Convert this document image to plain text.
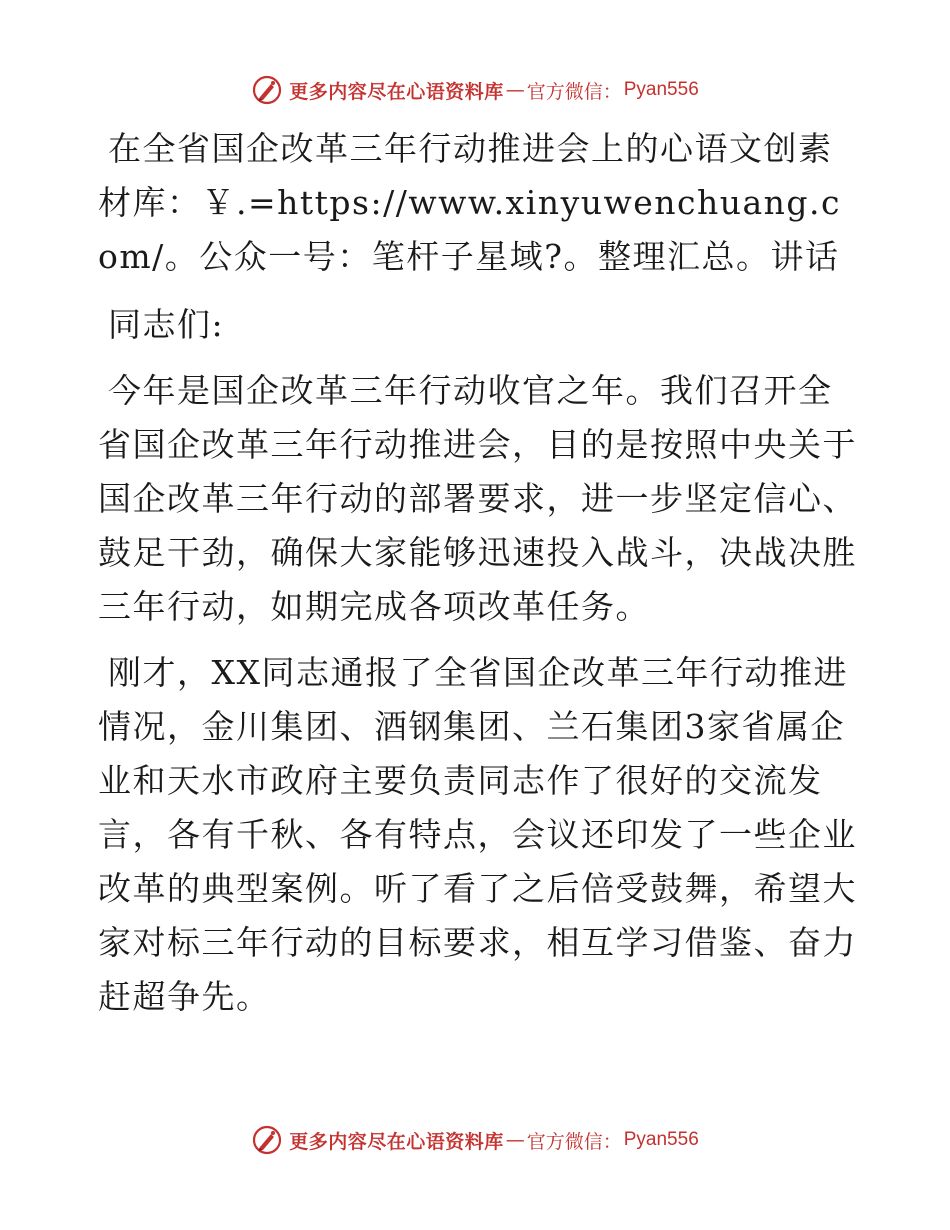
更多内容尽在心语资料库 — 官方微信： Pyan556

在全省国企改革三年行动推进会上的心语文创素材库：￥.=https://www.xinyuwenchuang.com/。公众一号：笔杆子星域?。整理汇总。讲话

同志们:

今年是国企改革三年行动收官之年。我们召开全省国企改革三年行动推进会，目的是按照中央关于国企改革三年行动的部署要求，进一步坚定信心、鼓足干劲，确保大家能够迅速投入战斗，决战决胜三年行动，如期完成各项改革任务。

刚才，XX同志通报了全省国企改革三年行动推进情况，金川集团、酒钢集团、兰石集团3家省属企业和天水市政府主要负责同志作了很好的交流发言，各有千秋、各有特点，会议还印发了一些企业改革的典型案例。听了看了之后倍受鼓舞，希望大家对标三年行动的目标要求，相互学习借鉴、奋力赶超争先。

更多内容尽在心语资料库 — 官方微信： Pyan556
